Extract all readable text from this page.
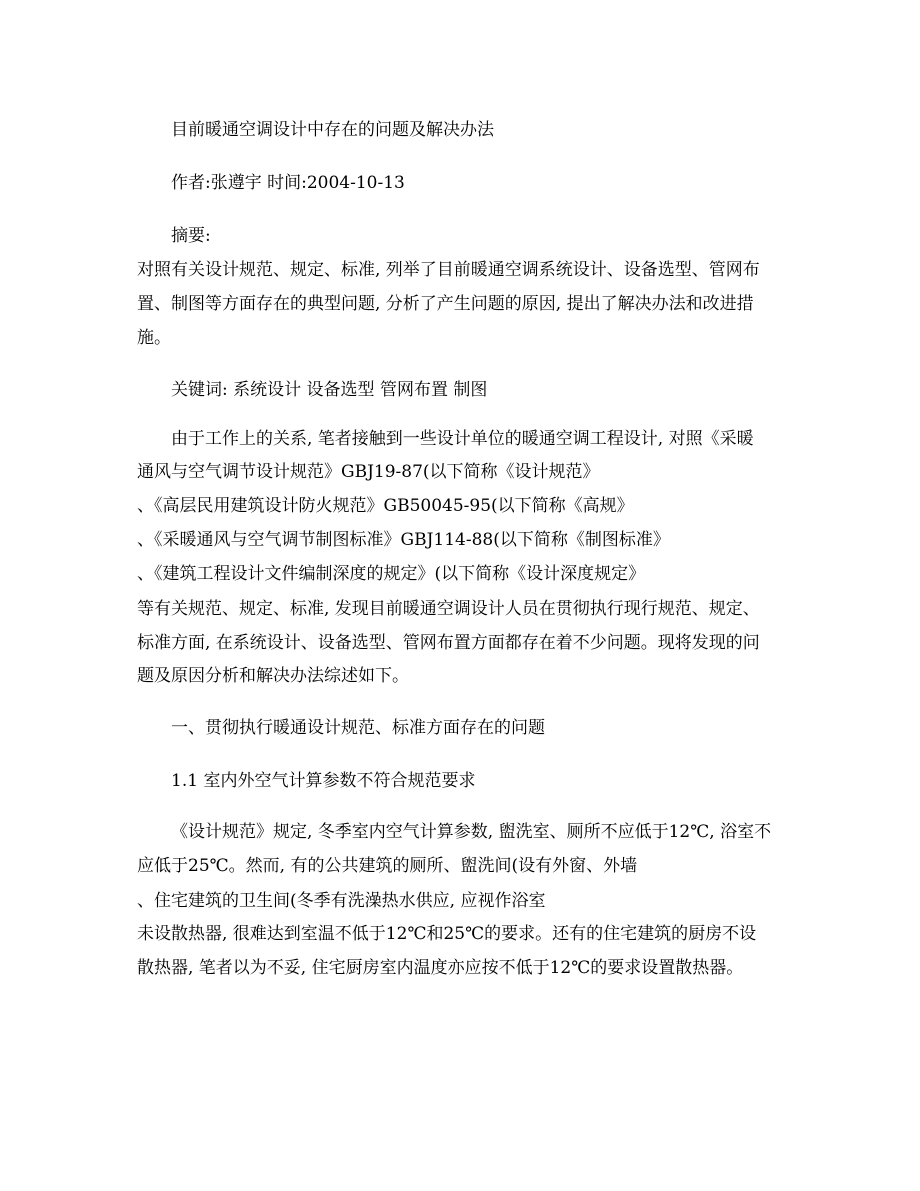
目前暖通空调设计中存在的问题及解决办法

作者:张遵宇 时间:2004-10-13

摘要:

对照有关设计规范、规定、标准, 列举了目前暖通空调系统设计、设备选型、管网布

置、制图等方面存在的典型问题, 分析了产生问题的原因, 提出了解决办法和改进措

施。

关键词: 系统设计 设备选型 管网布置 制图

由于工作上的关系, 笔者接触到一些设计单位的暖通空调工程设计, 对照《采暖

通风与空气调节设计规范》GBJ19-87(以下简称《设计规范》

、《高层民用建筑设计防火规范》GB50045-95(以下简称《高规》

、《采暖通风与空气调节制图标准》GBJ114-88(以下简称《制图标准》

、《建筑工程设计文件编制深度的规定》(以下简称《设计深度规定》

等有关规范、规定、标准, 发现目前暖通空调设计人员在贯彻执行现行规范、规定、

标准方面, 在系统设计、设备选型、管网布置方面都存在着不少问题。现将发现的问

题及原因分析和解决办法综述如下。

一、贯彻执行暖通设计规范、标准方面存在的问题

1.1 室内外空气计算参数不符合规范要求

《设计规范》规定, 冬季室内空气计算参数, 盥洗室、厕所不应低于12℃, 浴室不

应低于25℃。然而, 有的公共建筑的厕所、盥洗间(设有外窗、外墙

、住宅建筑的卫生间(冬季有洗澡热水供应, 应视作浴室

未设散热器, 很难达到室温不低于12℃和25℃的要求。还有的住宅建筑的厨房不设

散热器, 笔者以为不妥, 住宅厨房室内温度亦应按不低于12℃的要求设置散热器。
